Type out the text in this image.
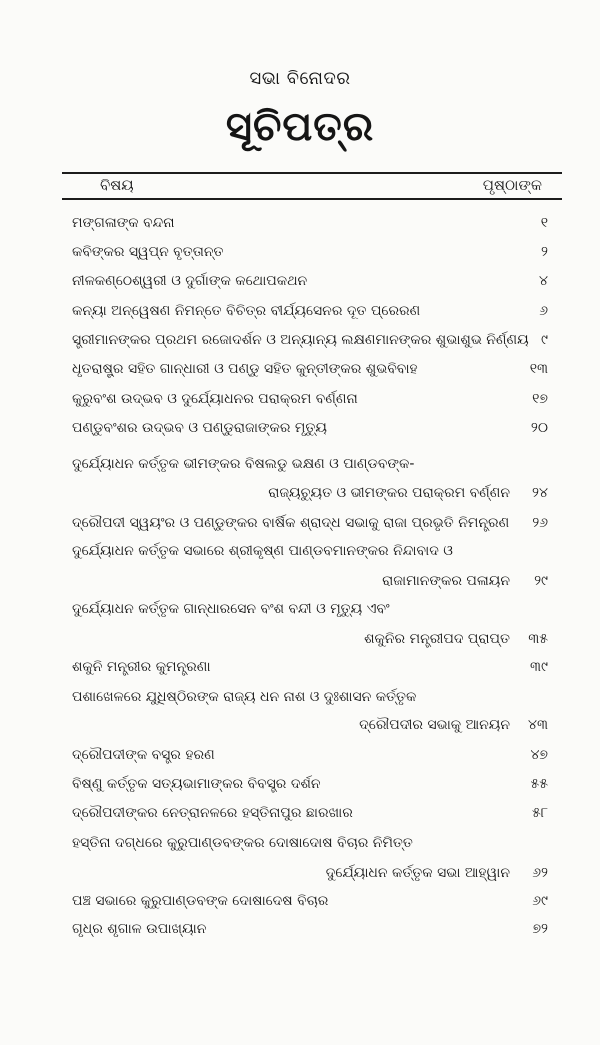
ସଭା ବିନୋଦର
ସୂଚିପତ୍ର
ବିଷୟ	ପୃଷ୍ଠାଙ୍କ
ମଙ୍ଗଳାଙ୍କ ବନ୍ଦନା	୧
କବିଙ୍କର ସ୍ୱପ୍ନ ବୃତ୍ତାନ୍ତ	୨
ନୀଳକଣ୍ଠେଶ୍ୱରୀ ଓ ଦୁର୍ଗାଙ୍କ କଥୋପକଥନ	୪
କନ୍ୟା ଅନ୍ୱେଷଣ ନିମନ୍ତେ ବିଚିତ୍ର ବୀର୍ଯ୍ୟସେନର ଦୂତ ପ୍ରେରଣ	୬
ସ୍ତ୍ରୀମାନଙ୍କର ପ୍ରଥମ ରଜୋଦର୍ଶନ ଓ ଅନ୍ୟାନ୍ୟ ଲକ୍ଷଣମାନଙ୍କର ଶୁଭାଶୁଭ ନିର୍ଣ୍ଣୟ ୯
ଧୃତରାଷ୍ଟ୍ର ସହିତ ଗାନ୍ଧାରୀ ଓ ପଣ୍ଡୁ ସହିତ କୁନ୍ତୀଙ୍କର ଶୁଭବିବାହ	୧୩
କୁରୁବଂଶ ଉଦ୍ଭବ ଓ ଦୁର୍ଯ୍ୟୋଧନର ପରାକ୍ରମ ବର୍ଣ୍ଣନା	୧୭
ପଣ୍ଡୁବଂଶର ଉଦ୍ଭବ ଓ ପଣ୍ଡୁରାଜାଙ୍କର ମୃତ୍ୟୁ	୨୦
ଦୁର୍ଯ୍ୟୋଧନ କର୍ତ୍ତୃକ ଭୀମଙ୍କର ବିଷଲଡୁ ଭକ୍ଷଣ ଓ ପାଣ୍ଡବଙ୍କ-
ରାଜ୍ୟଚ୍ୟୁତ ଓ ଭୀମଙ୍କର ପରାକ୍ରମ ବର୍ଣ୍ଣନ	୨୪
ଦ୍ରୌପଦୀ ସ୍ୱୟଂର ଓ ପଣ୍ଡୁଙ୍କର ବାର୍ଷିକ ଶ୍ରାଦ୍ଧ ସଭାକୁ ରାଜା ପ୍ରଭୃତି ନିମନ୍ତ୍ରଣ	୨୬
ଦୁର୍ଯ୍ୟୋଧନ କର୍ତ୍ତୃକ ସଭାରେ ଶ୍ରୀକୃଷ୍ଣ ପାଣ୍ଡବମାନଙ୍କର ନିନ୍ଦାବାଦ ଓ
ରାଜାମାନଙ୍କର ପଳାୟନ	୨୯
ଦୁର୍ଯ୍ୟୋଧନ କର୍ତ୍ତୃକ ଗାନ୍ଧାରସେନ ବଂଶ ବନ୍ଦୀ ଓ ମୃତ୍ୟୁ ଏବଂ
ଶକୁନିର ମନ୍ତ୍ରୀପଦ ପ୍ରାପ୍ତ	୩୫
ଶକୁନି ମନ୍ତ୍ରୀର କୁମନ୍ତ୍ରଣା	୩୯
ପଶାଖେଳରେ ଯୁଧିଷ୍ଠିରଙ୍କ ରାଜ୍ୟ ଧନ ନାଶ ଓ ଦୁଃଶାସନ କର୍ତ୍ତୃକ
ଦ୍ରୌପଦୀର ସଭାକୁ ଆନୟନ	୪୩
ଦ୍ରୌପଦୀଙ୍କ ବସ୍ତ୍ର ହରଣ	୪୭
ବିଷ୍ଣୁ କର୍ତ୍ତୃକ ସତ୍ୟଭାମାଙ୍କର ବିବସ୍ତ୍ର ଦର୍ଶନ	୫୫
ଦ୍ରୌପଦୀଙ୍କର ନେତ୍ରାନଳରେ ହସ୍ତିନାପୁର ଛାରଖାର	୫୮
ହସ୍ତିନା ଦଗ୍ଧରେ କୁରୁପାଣ୍ଡବଙ୍କର ଦୋଷାଦୋଷ ବିଚାର ନିମିତ୍ତ
ଦୁର୍ଯ୍ୟୋଧନ କର୍ତ୍ତୃକ ସଭା ଆହ୍ୱାନ	୬୨
ପଞ୍ଚ ସଭାରେ କୁରୁପାଣ୍ଡବଙ୍କ ଦୋଷାଦେଷ ବିଚାର	୬୯
ଗୃଧ୍ର ଶୃଗାଳ ଉପାଖ୍ୟାନ	୭୨
